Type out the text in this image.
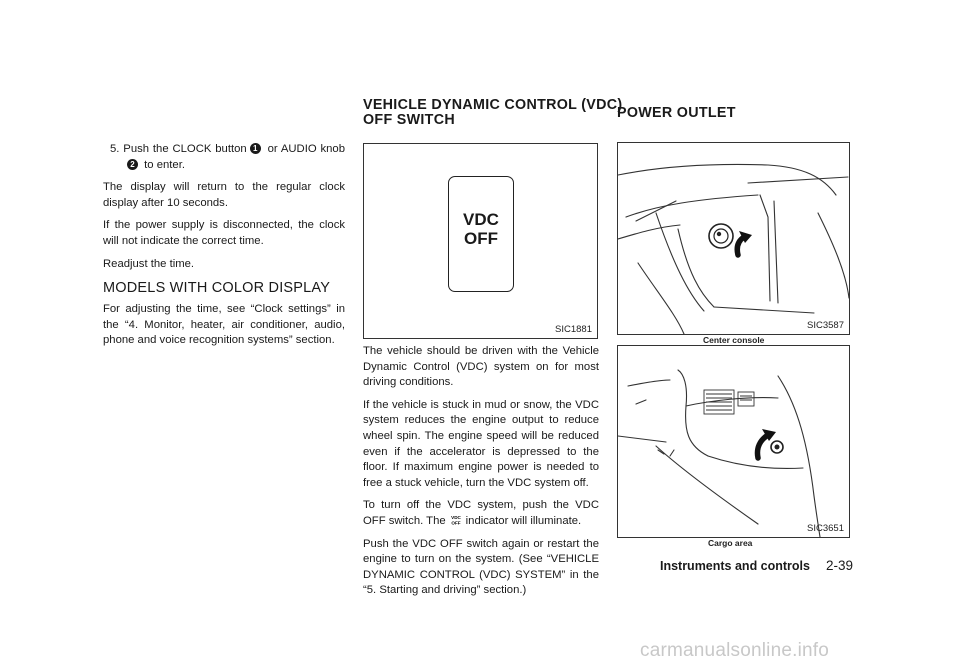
5. Push the CLOCK button 1 or AUDIO knob2 to enter.

The display will return to the regular clock display after 10 seconds.

If the power supply is disconnected, the clock will not indicate the correct time.

Readjust the time.

MODELS WITH COLOR DISPLAY

For adjusting the time, see “Clock settings” in the “4. Monitor, heater, air conditioner, audio, phone and voice recognition systems” section.

VEHICLE DYNAMIC CONTROL (VDC)
OFF SWITCH
VDC
OFF
SIC1881

The vehicle should be driven with the Vehicle Dynamic Control (VDC) system on for most driving conditions.

If the vehicle is stuck in mud or snow, the VDC system reduces the engine output to reduce wheel spin. The engine speed will be reduced even if the accelerator is depressed to the floor. If maximum engine power is needed to free a stuck vehicle, turn the VDC system off.

To turn off the VDC system, push the VDC OFF switch. The VDC
OFF indicator will illuminate.

Push the VDC OFF switch again or restart the engine to turn on the system. (See “VEHICLE DYNAMIC CONTROL (VDC) SYSTEM” in the “5. Starting and driving” section.)

POWER OUTLET
SIC3587
Center console
SIC3651
Cargo area
Instruments and controls 2-39
carmanualsonline.info
